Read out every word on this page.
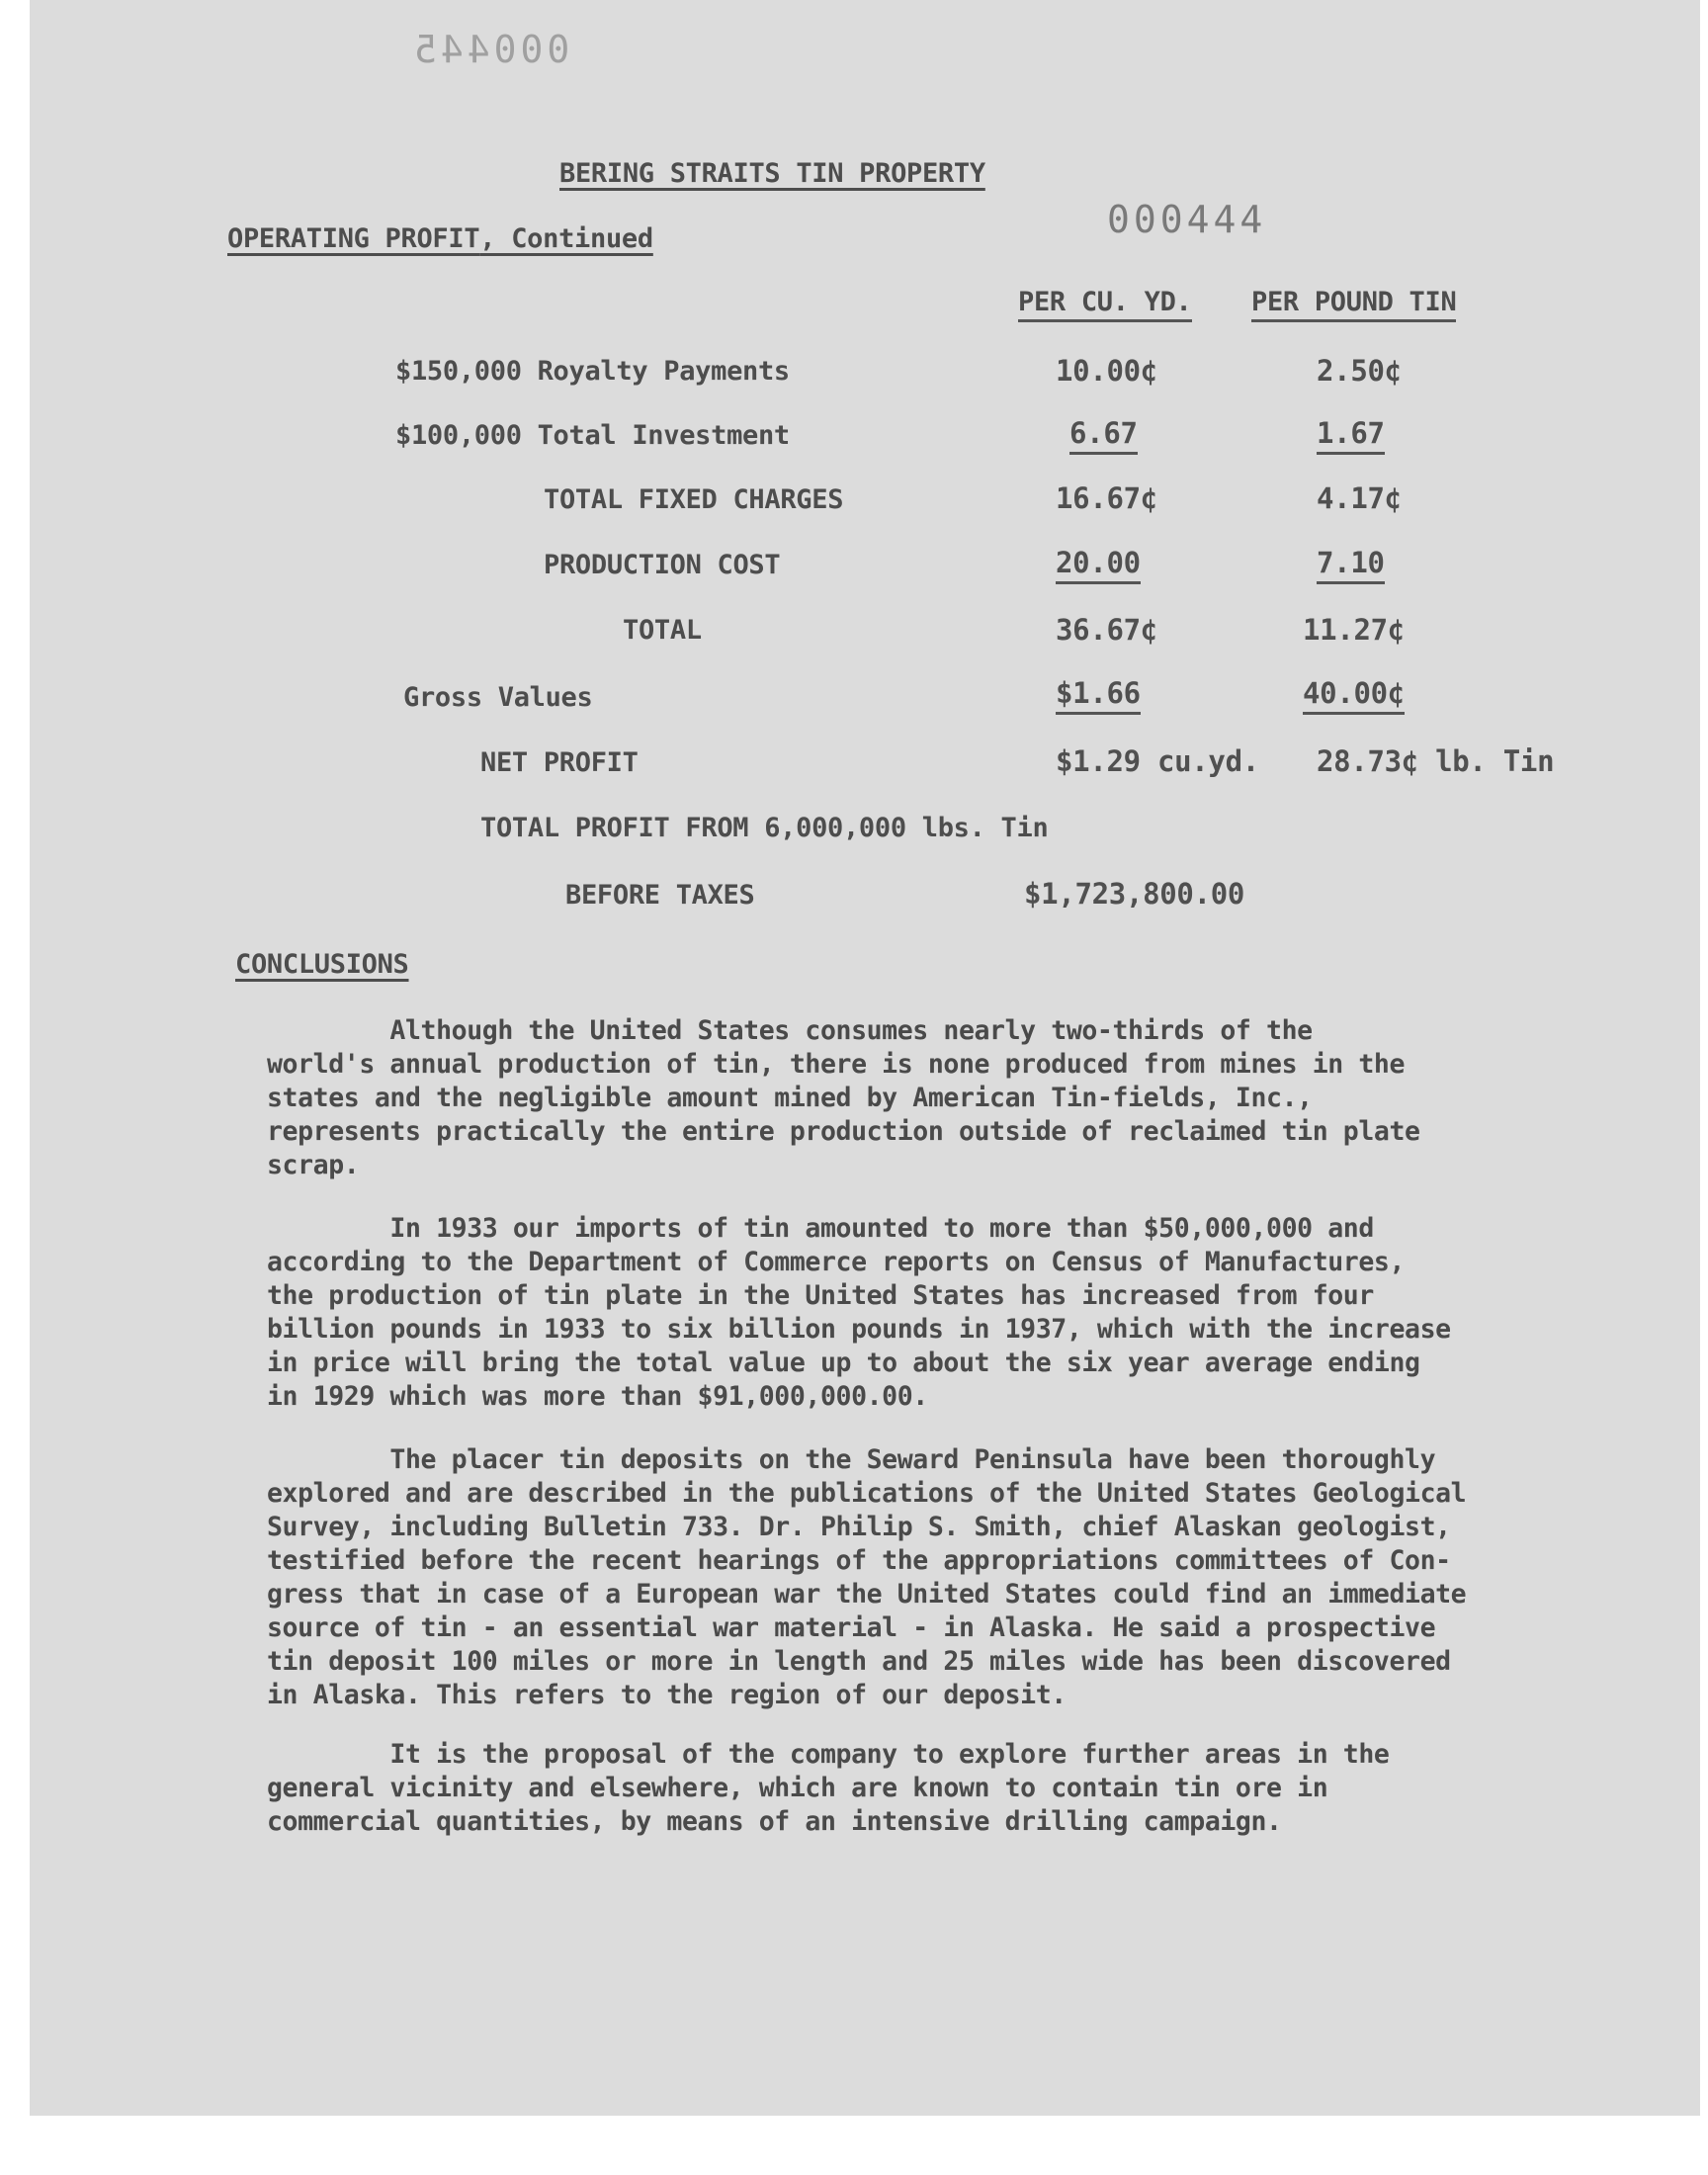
000445
BERING STRAITS TIN PROPERTY
000444
OPERATING PROFIT, Continued
PER CU. YD. PER POUND TIN
$150,000 Royalty Payments	10.00¢	2.50¢
$100,000 Total Investment	6.67	1.67
TOTAL FIXED CHARGES	16.67¢	4.17¢
PRODUCTION COST	20.00	7.10
TOTAL	36.67¢	11.27¢
Gross Values	$1.66	40.00¢
NET PROFIT	$1.29 cu.yd. 28.73¢ lb. Tin
TOTAL PROFIT FROM 6,000,000 lbs. Tin
BEFORE TAXES	$1,723,800.00
CONCLUSIONS
Although the United States consumes nearly two-thirds of the
world's annual production of tin, there is none produced from mines in the
states and the negligible amount mined by American Tin-fields, Inc.,
represents practically the entire production outside of reclaimed tin plate
scrap.
In 1933 our imports of tin amounted to more than $50,000,000 and
according to the Department of Commerce reports on Census of Manufactures,
the production of tin plate in the United States has increased from four
billion pounds in 1933 to six billion pounds in 1937, which with the increase
in price will bring the total value up to about the six year average ending
in 1929 which was more than $91,000,000.00.
The placer tin deposits on the Seward Peninsula have been thoroughly
explored and are described in the publications of the United States Geological
Survey, including Bulletin 733. Dr. Philip S. Smith, chief Alaskan geologist,
testified before the recent hearings of the appropriations committees of Con-
gress that in case of a European war the United States could find an immediate
source of tin - an essential war material - in Alaska. He said a prospective
tin deposit 100 miles or more in length and 25 miles wide has been discovered
in Alaska. This refers to the region of our deposit.
It is the proposal of the company to explore further areas in the
general vicinity and elsewhere, which are known to contain tin ore in
commercial quantities, by means of an intensive drilling campaign.
